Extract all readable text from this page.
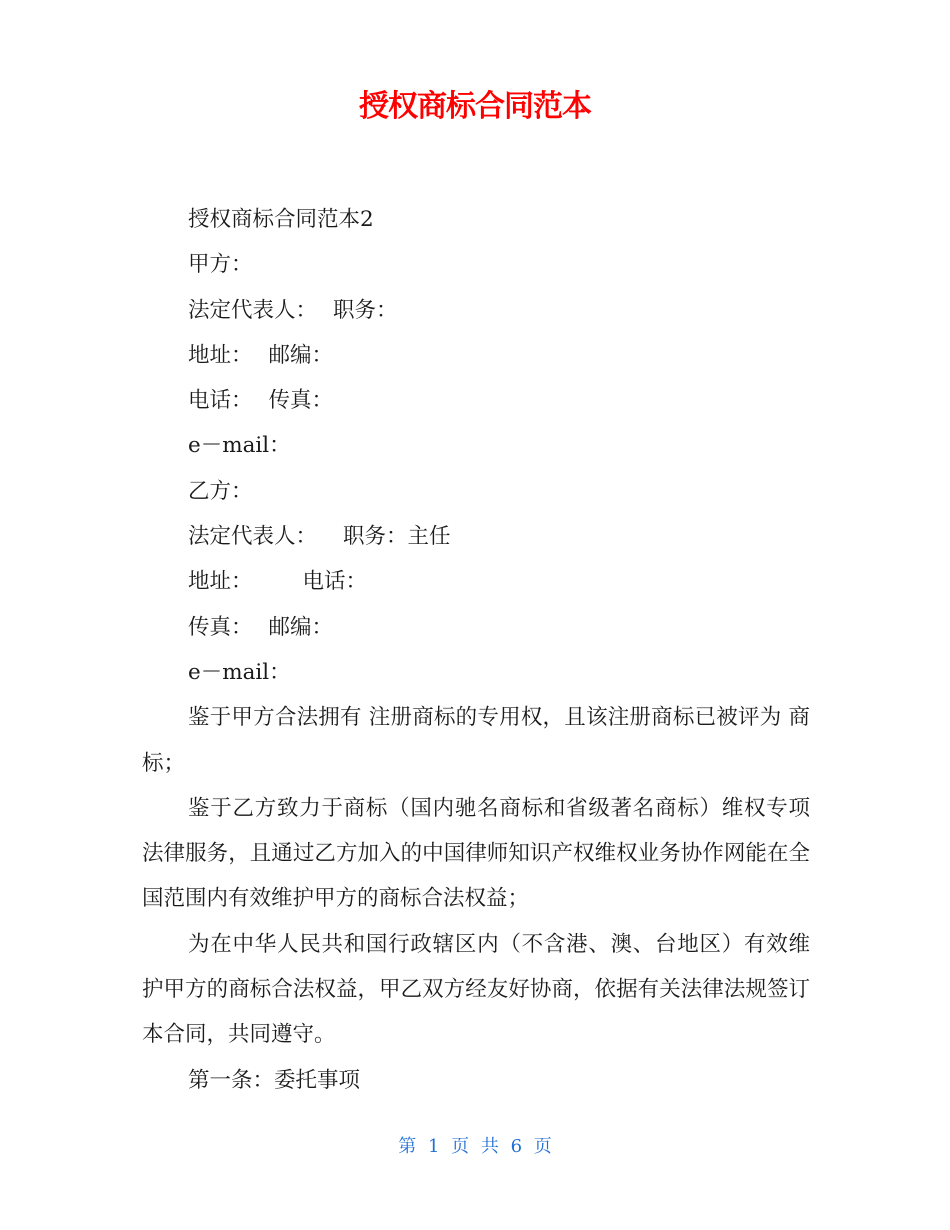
授权商标合同范本

授权商标合同范本2

甲方：

法定代表人： 职务：

地址： 邮编：

电话： 传真：

e－mail：

乙方：

法定代表人： 职务：主任

地址： 电话：

传真： 邮编：

e－mail：

鉴于甲方合法拥有 注册商标的专用权，且该注册商标已被评为 商标；

鉴于乙方致力于商标（国内驰名商标和省级著名商标）维权专项法律服务，且通过乙方加入的中国律师知识产权维权业务协作网能在全国范围内有效维护甲方的商标合法权益；

为在中华人民共和国行政辖区内（不含港、澳、台地区）有效维护甲方的商标合法权益，甲乙双方经友好协商，依据有关法律法规签订本合同，共同遵守。

第一条：委托事项

第 1 页 共 6 页
